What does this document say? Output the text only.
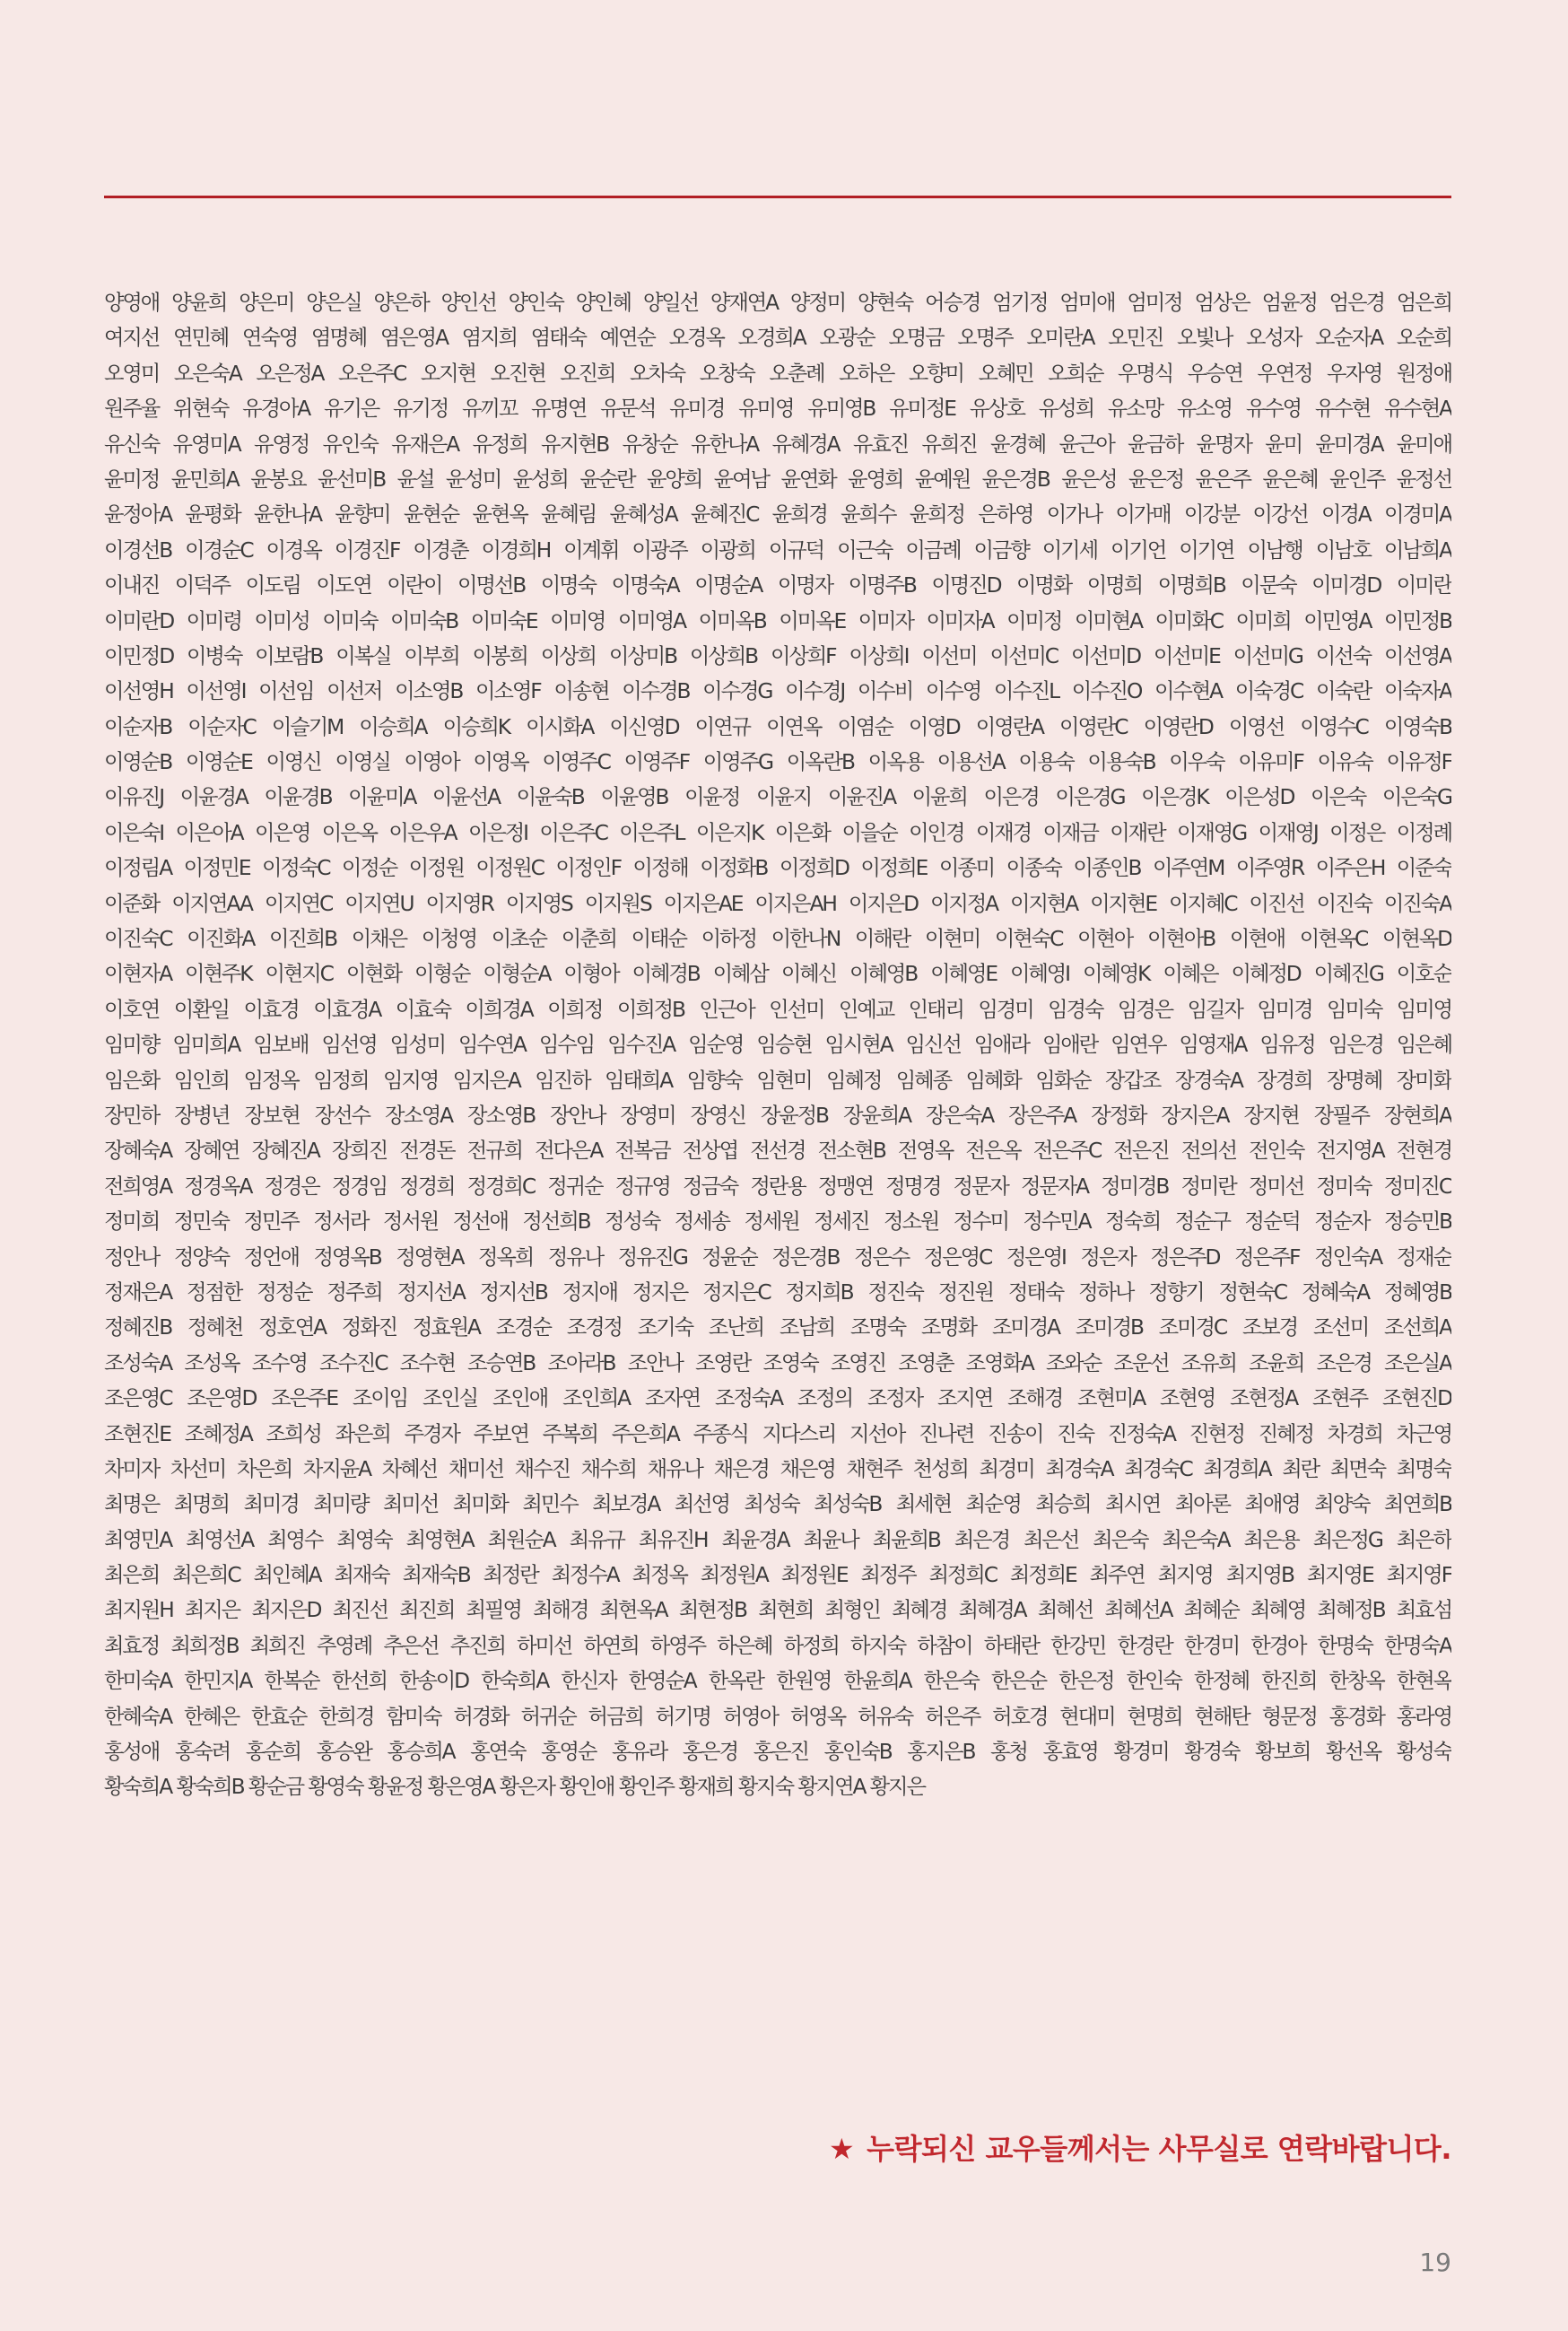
양영애 양윤희 양은미 양은실 양은하 양인선 양인숙 양인혜 양일선 양재연A 양정미 양현숙 어승경 엄기정 엄미애 엄미정 엄상은 엄윤정 엄은경 엄은희
여지선 연민혜 연숙영 염명혜 염은영A 염지희 염태숙 예연순 오경옥 오경희A 오광순 오명금 오명주 오미란A 오민진 오빛나 오성자 오순자A 오순희
오영미 오은숙A 오은정A 오은주C 오지현 오진현 오진희 오차숙 오창숙 오춘례 오하은 오향미 오혜민 오희순 우명식 우승연 우연정 우자영 원정애
원주율 위현숙 유경아A 유기은 유기정 유끼꼬 유명연 유문석 유미경 유미영 유미영B 유미정E 유상호 유성희 유소망 유소영 유수영 유수현 유수현A
유신숙 유영미A 유영정 유인숙 유재은A 유정희 유지현B 유창순 유한나A 유혜경A 유효진 유희진 윤경혜 윤근아 윤금하 윤명자 윤미 윤미경A 윤미애
윤미정 윤민희A 윤봉요 윤선미B 윤설 윤성미 윤성희 윤순란 윤양희 윤여남 윤연화 윤영희 윤예원 윤은경B 윤은성 윤은정 윤은주 윤은혜 윤인주 윤정선
윤정아A 윤평화 윤한나A 윤향미 윤현순 윤현옥 윤혜림 윤혜성A 윤혜진C 윤희경 윤희수 윤희정 은하영 이가나 이가매 이강분 이강선 이경A 이경미A
이경선B 이경순C 이경옥 이경진F 이경춘 이경희H 이계휘 이광주 이광희 이규덕 이근숙 이금례 이금향 이기세 이기언 이기연 이남행 이남호 이남희A
이내진 이덕주 이도림 이도연 이란이 이명선B 이명숙 이명숙A 이명순A 이명자 이명주B 이명진D 이명화 이명희 이명희B 이문숙 이미경D 이미란
이미란D 이미령 이미성 이미숙 이미숙B 이미숙E 이미영 이미영A 이미옥B 이미옥E 이미자 이미자A 이미정 이미현A 이미화C 이미희 이민영A 이민정B
이민정D 이병숙 이보람B 이복실 이부희 이봉희 이상희 이상미B 이상희B 이상희F 이상희I 이선미 이선미C 이선미D 이선미E 이선미G 이선숙 이선영A
이선영H 이선영I 이선임 이선저 이소영B 이소영F 이송현 이수경B 이수경G 이수경J 이수비 이수영 이수진L 이수진O 이수현A 이숙경C 이숙란 이숙자A
이순자B 이순자C 이슬기M 이승희A 이승희K 이시화A 이신영D 이연규 이연옥 이염순 이영D 이영란A 이영란C 이영란D 이영선 이영수C 이영숙B
이영순B 이영순E 이영신 이영실 이영아 이영옥 이영주C 이영주F 이영주G 이옥란B 이옥용 이용선A 이용숙 이용숙B 이우숙 이유미F 이유숙 이유정F
이유진J 이윤경A 이윤경B 이윤미A 이윤선A 이윤숙B 이윤영B 이윤정 이윤지 이윤진A 이윤희 이은경 이은경G 이은경K 이은성D 이은숙 이은숙G
이은숙I 이은아A 이은영 이은옥 이은우A 이은정I 이은주C 이은주L 이은지K 이은화 이을순 이인경 이재경 이재금 이재란 이재영G 이재영J 이정은 이정례
이정림A 이정민E 이정숙C 이정순 이정원 이정원C 이정인F 이정해 이정화B 이정희D 이정희E 이종미 이종숙 이종인B 이주연M 이주영R 이주은H 이준숙
이준화 이지연AA 이지연C 이지연U 이지영R 이지영S 이지원S 이지은AE 이지은AH 이지은D 이지정A 이지현A 이지현E 이지혜C 이진선 이진숙 이진숙A
이진숙C 이진화A 이진희B 이채은 이청영 이초순 이춘희 이태순 이하정 이한나N 이해란 이현미 이현숙C 이현아 이현아B 이현애 이현옥C 이현옥D
이현자A 이현주K 이현지C 이현화 이형순 이형순A 이형아 이혜경B 이혜삼 이혜신 이혜영B 이혜영E 이혜영I 이혜영K 이혜은 이혜정D 이혜진G 이호순
이호연 이환일 이효경 이효경A 이효숙 이희경A 이희정 이희정B 인근아 인선미 인예교 인태리 임경미 임경숙 임경은 임길자 임미경 임미숙 임미영
임미향 임미희A 임보배 임선영 임성미 임수연A 임수임 임수진A 임순영 임승현 임시현A 임신선 임애라 임애란 임연우 임영재A 임유정 임은경 임은혜
임은화 임인희 임정옥 임정희 임지영 임지은A 임진하 임태희A 임향숙 임현미 임혜정 임혜종 임혜화 임화순 장갑조 장경숙A 장경희 장명혜 장미화
장민하 장병년 장보현 장선수 장소영A 장소영B 장안나 장영미 장영신 장윤정B 장윤희A 장은숙A 장은주A 장정화 장지은A 장지현 장필주 장현희A
장혜숙A 장혜연 장혜진A 장희진 전경돈 전규희 전다은A 전복금 전상엽 전선경 전소현B 전영옥 전은옥 전은주C 전은진 전의선 전인숙 전지영A 전현경
전희영A 정경옥A 정경은 정경임 정경희 정경희C 정귀순 정규영 정금숙 정란용 정맹연 정명경 정문자 정문자A 정미경B 정미란 정미선 정미숙 정미진C
정미희 정민숙 정민주 정서라 정서원 정선애 정선희B 정성숙 정세송 정세원 정세진 정소원 정수미 정수민A 정숙희 정순구 정순덕 정순자 정승민B
정안나 정양숙 정언애 정영옥B 정영현A 정옥희 정유나 정유진G 정윤순 정은경B 정은수 정은영C 정은영I 정은자 정은주D 정은주F 정인숙A 정재순
정재은A 정점한 정정순 정주희 정지선A 정지선B 정지애 정지은 정지은C 정지희B 정진숙 정진원 정태숙 정하나 정향기 정현숙C 정혜숙A 정혜영B
정혜진B 정혜천 정호연A 정화진 정효원A 조경순 조경정 조기숙 조난희 조남희 조명숙 조명화 조미경A 조미경B 조미경C 조보경 조선미 조선희A
조성숙A 조성옥 조수영 조수진C 조수현 조승연B 조아라B 조안나 조영란 조영숙 조영진 조영춘 조영화A 조와순 조운선 조유희 조윤희 조은경 조은실A
조은영C 조은영D 조은주E 조이임 조인실 조인애 조인희A 조자연 조정숙A 조정의 조정자 조지연 조해경 조현미A 조현영 조현정A 조현주 조현진D
조현진E 조혜정A 조희성 좌은희 주경자 주보연 주복희 주은희A 주종식 지다스리 지선아 진나련 진송이 진숙 진정숙A 진현정 진혜정 차경희 차근영
차미자 차선미 차은희 차지윤A 차혜선 채미선 채수진 채수희 채유나 채은경 채은영 채현주 천성희 최경미 최경숙A 최경숙C 최경희A 최란 최면숙 최명숙
최명은 최명희 최미경 최미량 최미선 최미화 최민수 최보경A 최선영 최성숙 최성숙B 최세현 최순영 최승희 최시연 최아론 최애영 최양숙 최연희B
최영민A 최영선A 최영수 최영숙 최영현A 최원순A 최유규 최유진H 최윤경A 최윤나 최윤희B 최은경 최은선 최은숙 최은숙A 최은용 최은정G 최은하
최은희 최은희C 최인혜A 최재숙 최재숙B 최정란 최정수A 최정옥 최정원A 최정원E 최정주 최정희C 최정희E 최주연 최지영 최지영B 최지영E 최지영F
최지원H 최지은 최지은D 최진선 최진희 최필영 최해경 최현옥A 최현정B 최현희 최형인 최혜경 최혜경A 최혜선 최혜선A 최혜순 최혜영 최혜정B 최효섬
최효정 최희정B 최희진 추영례 추은선 추진희 하미선 하연희 하영주 하은혜 하정희 하지숙 하참이 하태란 한강민 한경란 한경미 한경아 한명숙 한명숙A
한미숙A 한민지A 한복순 한선희 한송이D 한숙희A 한신자 한영순A 한옥란 한원영 한윤희A 한은숙 한은순 한은정 한인숙 한정혜 한진희 한창옥 한현옥
한혜숙A 한혜은 한효순 한희경 함미숙 허경화 허귀순 허금희 허기명 허영아 허영옥 허유숙 허은주 허호경 현대미 현명희 현해탄 형문정 홍경화 홍라영
홍성애 홍숙려 홍순희 홍승완 홍승희A 홍연숙 홍영순 홍유라 홍은경 홍은진 홍인숙B 홍지은B 홍청 홍효영 황경미 황경숙 황보희 황선옥 황성숙
황숙희A 황숙희B 황순금 황영숙 황윤정 황은영A 황은자 황인애 황인주 황재희 황지숙 황지연A 황지은
★ 누락되신 교우들께서는 사무실로 연락바랍니다.
19
